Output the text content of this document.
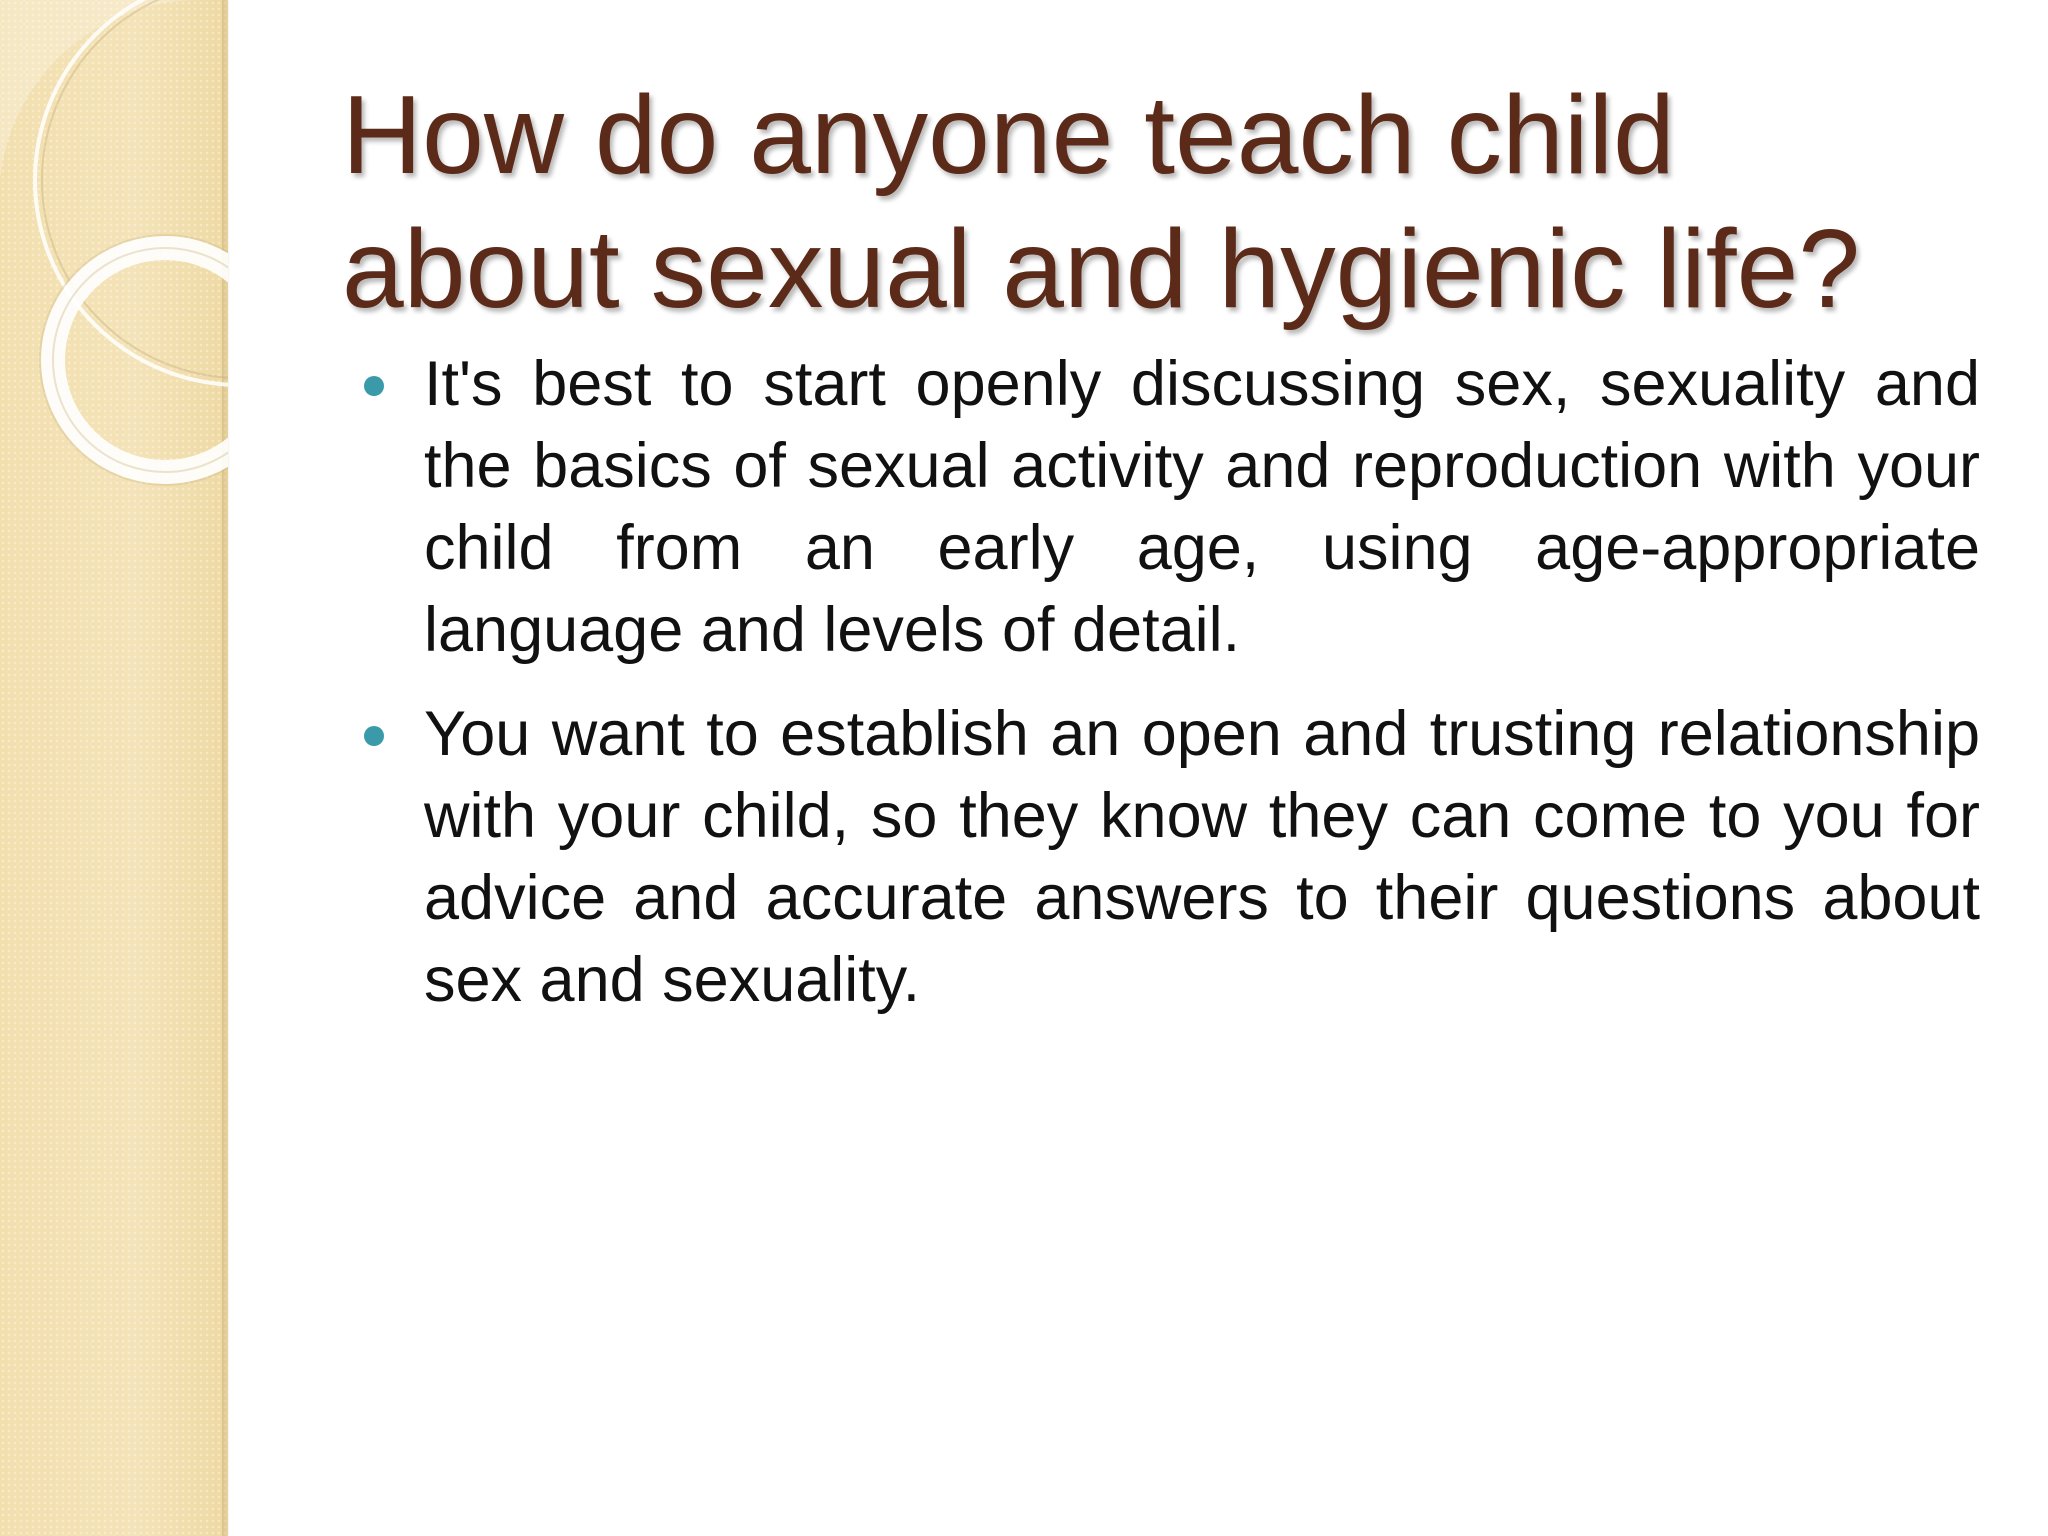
How do anyone teach child
about sexual and hygienic life?
It's best to start openly discussing sex, sexuality and the basics of sexual activity and reproduction with your child from an early age, using age-appropriate language and levels of detail.
You want to establish an open and trusting relationship with your child, so they know they can come to you for advice and accurate answers to their questions about sex and sexuality.
